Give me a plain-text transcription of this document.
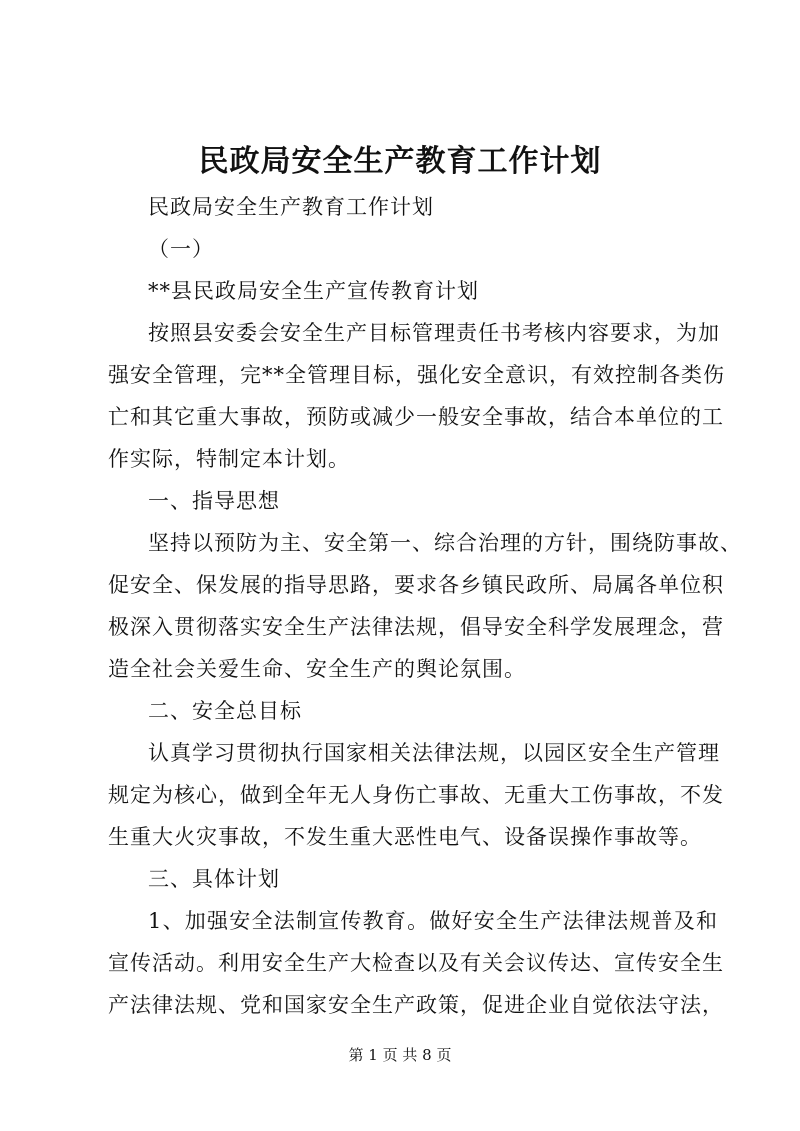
民政局安全生产教育工作计划
民政局安全生产教育工作计划
（一）
**县民政局安全生产宣传教育计划
按照县安委会安全生产目标管理责任书考核内容要求，为加
强安全管理，完**全管理目标，强化安全意识，有效控制各类伤
亡和其它重大事故，预防或减少一般安全事故，结合本单位的工
作实际，特制定本计划。
一、指导思想
坚持以预防为主、安全第一、综合治理的方针，围绕防事故、
促安全、保发展的指导思路，要求各乡镇民政所、局属各单位积
极深入贯彻落实安全生产法律法规，倡导安全科学发展理念，营
造全社会关爱生命、安全生产的舆论氛围。
二、安全总目标
认真学习贯彻执行国家相关法律法规，以园区安全生产管理
规定为核心，做到全年无人身伤亡事故、无重大工伤事故，不发
生重大火灾事故，不发生重大恶性电气、设备误操作事故等。
三、具体计划
1、加强安全法制宣传教育。做好安全生产法律法规普及和
宣传活动。利用安全生产大检查以及有关会议传达、宣传安全生
产法律法规、党和国家安全生产政策，促进企业自觉依法守法，
第 1 页 共 8 页
